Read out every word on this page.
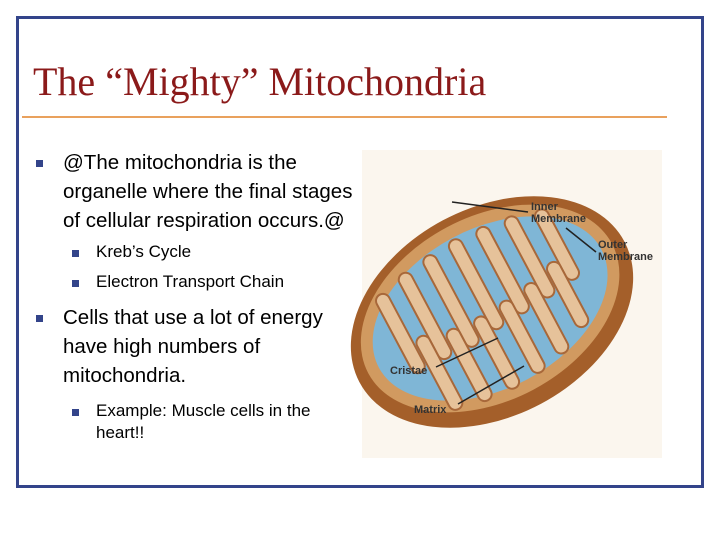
The “Mighty” Mitochondria
@The mitochondria is the organelle where the final stages of cellular respiration occurs.@
Kreb’s Cycle
Electron Transport Chain
Cells that use a lot of energy have high numbers of mitochondria.
Example: Muscle cells in the heart!!
Inner
Membrane
Outer
Membrane
Cristae
Matrix
